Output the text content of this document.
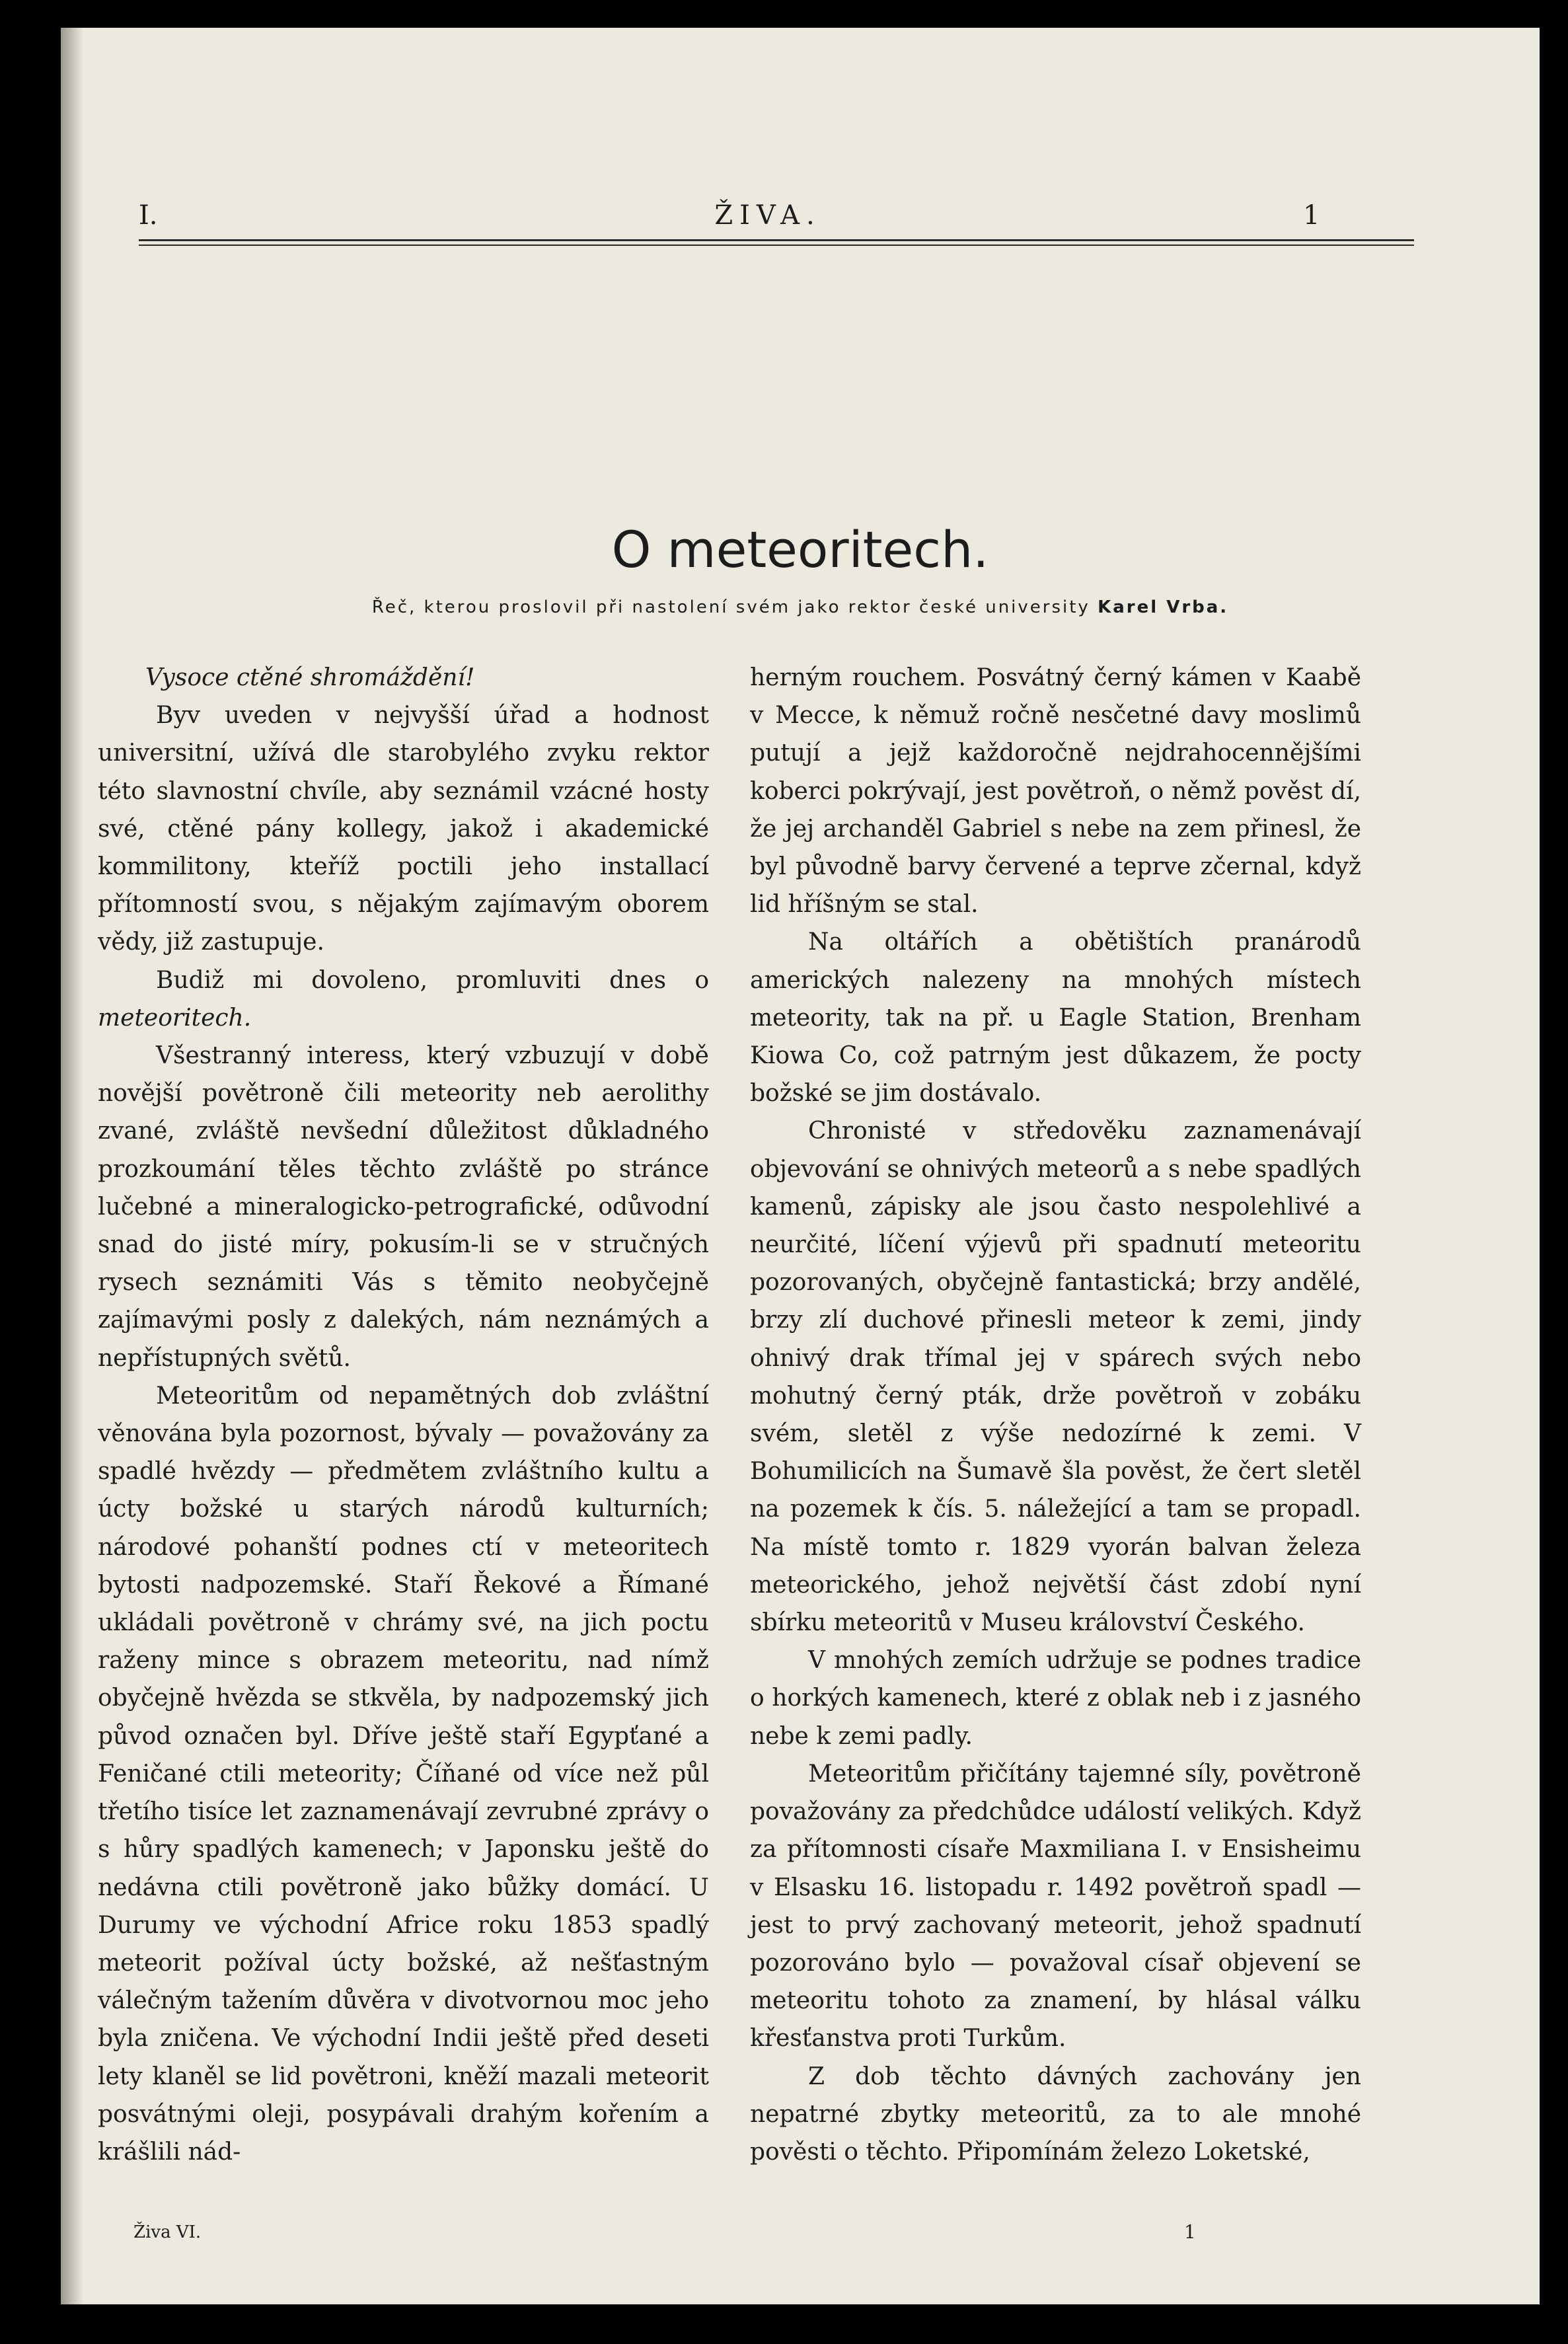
I.	ŽIVA.	1
O meteoritech.
Řeč, kterou proslovil při nastolení svém jako rektor české university Karel Vrba.

Vysoce ctěné shromáždění!

Byv uveden v nejvyšší úřad a hodnost universitní, užívá dle starobylého zvyku rektor této slavnostní chvíle, aby seznámil vzácné hosty své, ctěné pány kollegy, jakož i akademické kommilitony, kteříž poctili jeho installací přítomností svou, s nějakým zajímavým oborem vědy, již zastupuje.

Budiž mi dovoleno, promluviti dnes o meteoritech.

Všestranný interess, který vzbuzují v době novější povětroně čili meteority neb aerolithy zvané, zvláště nevšední důležitost důkladného prozkoumání těles těchto zvláště po stránce lučebné a mineralogicko-petrografické, odůvodní snad do jisté míry, pokusím-li se v stručných rysech seznámiti Vás s těmito neobyčejně zajímavými posly z dalekých, nám neznámých a nepřístupných světů.

Meteoritům od nepamětných dob zvláštní věnována byla pozornost, bývaly — považovány za spadlé hvězdy — předmětem zvláštního kultu a úcty božské u starých národů kulturních; národové pohanští podnes ctí v meteoritech bytosti nadpozemské. Staří Řekové a Římané ukládali povětroně v chrámy své, na jich poctu raženy mince s obrazem meteoritu, nad nímž obyčejně hvězda se stkvěla, by nadpozemský jich původ označen byl. Dříve ještě staří Egypťané a Feničané ctili meteority; Číňané od více než půl třetího tisíce let zaznamenávají zevrubné zprávy o s hůry spadlých kamenech; v Japonsku ještě do nedávna ctili povětroně jako bůžky domácí. U Durumy ve východní Africe roku 1853 spadlý meteorit požíval úcty božské, až nešťastným válečným tažením důvěra v divotvornou moc jeho byla zničena. Ve východní Indii ještě před deseti lety klaněl se lid povětroni, kněží mazali meteorit posvátnými oleji, posypávali drahým kořením a krášlili nád-

herným rouchem. Posvátný černý kámen v Kaabě v Mecce, k němuž ročně nesčetné davy moslimů putují a jejž každoročně nejdrahocennějšími koberci pokrývají, jest povětroň, o němž pověst dí, že jej archanděl Gabriel s nebe na zem přinesl, že byl původně barvy červené a teprve zčernal, když lid hříšným se stal.

Na oltářích a obětištích pranárodů amerických nalezeny na mnohých místech meteority, tak na př. u Eagle Station, Brenham Kiowa Co, což patrným jest důkazem, že pocty božské se jim dostávalo.

Chronisté v středověku zaznamenávají objevování se ohnivých meteorů a s nebe spadlých kamenů, zápisky ale jsou často nespolehlivé a neurčité, líčení výjevů při spadnutí meteoritu pozorovaných, obyčejně fantastická; brzy andělé, brzy zlí duchové přinesli meteor k zemi, jindy ohnivý drak třímal jej v spárech svých nebo mohutný černý pták, drže povětroň v zobáku svém, sletěl z výše nedozírné k zemi. V Bohumilicích na Šumavě šla pověst, že čert sletěl na pozemek k čís. 5. náležející a tam se propadl. Na místě tomto r. 1829 vyorán balvan železa meteorického, jehož největší část zdobí nyní sbírku meteoritů v Museu království Českého.

V mnohých zemích udržuje se podnes tradice o horkých kamenech, které z oblak neb i z jasného nebe k zemi padly.

Meteoritům přičítány tajemné síly, povětroně považovány za předchůdce událostí velikých. Když za přítomnosti císaře Maxmiliana I. v Ensisheimu v Elsasku 16. listopadu r. 1492 povětroň spadl — jest to prvý zachovaný meteorit, jehož spadnutí pozorováno bylo — považoval císař objevení se meteoritu tohoto za znamení, by hlásal válku křesťanstva proti Turkům.

Z dob těchto dávných zachovány jen nepatrné zbytky meteoritů, za to ale mnohé pověsti o těchto. Připomínám železo Loketské,

Živa VI.	1
